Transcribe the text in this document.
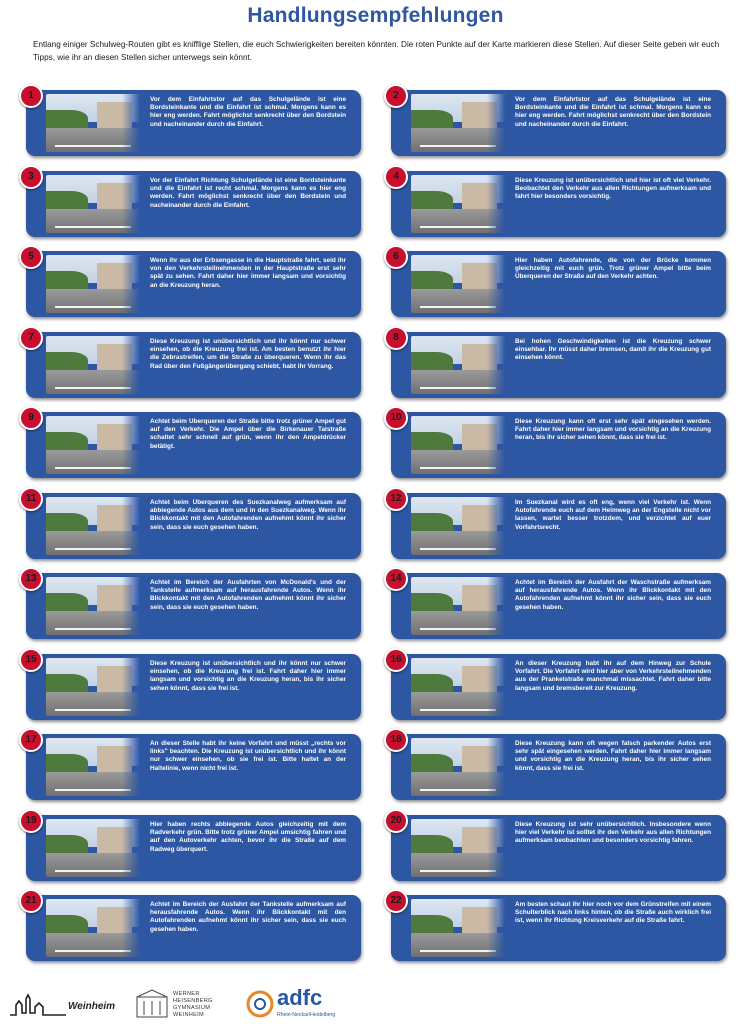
Handlungsempfehlungen
Entlang einiger Schulweg-Routen gibt es knifflige Stellen, die euch Schwierigkeiten bereiten könnten. Die roten Punkte auf der Karte markieren diese Stellen. Auf dieser Seite geben wir euch Tipps, wie ihr an diesen Stellen sicher unterwegs sein könnt.
1	Vor dem Einfahrtstor auf das Schulgelände ist eine Bordsteinkante und die Einfahrt ist schmal. Morgens kann es hier eng werden. Fahrt möglichst senkrecht über den Bordstein und nacheinander durch die Einfahrt.
2	Vor dem Einfahrtstor auf das Schulgelände ist eine Bordsteinkante und die Einfahrt ist schmal. Morgens kann es hier eng werden. Fahrt möglichst senkrecht über den Bordstein und nacheinander durch die Einfahrt.
3	Vor der Einfahrt Richtung Schulgelände ist eine Bordsteinkante und die Einfahrt ist recht schmal. Morgens kann es hier eng werden. Fahrt möglichst senkrecht über den Bordstein und nacheinander durch die Einfahrt.
4	Diese Kreuzung ist unübersichtlich und hier ist oft viel Verkehr. Beobachtet den Verkehr aus allen Richtungen aufmerksam und fahrt hier besonders vorsichtig.
5	Wenn ihr aus der Erbsengasse in die Hauptstraße fahrt, seid ihr von den Verkehrsteilnehmenden in der Hauptstraße erst sehr spät zu sehen. Fahrt daher hier immer langsam und vorsichtig an die Kreuzung heran.
6	Hier haben Autofahrende, die von der Brücke kommen gleichzeitig mit euch grün. Trotz grüner Ampel bitte beim Überqueren der Straße auf den Verkehr achten.
7	Diese Kreuzung ist unübersichtlich und ihr könnt nur schwer einsehen, ob die Kreuzung frei ist. Am besten benutzt ihr hier die Zebrastreifen, um die Straße zu überqueren. Wenn ihr das Rad über den Fußgängerübergang schiebt, habt ihr Vorrang.
8	Bei hohen Geschwindigkeiten ist die Kreuzung schwer einsehbar. Ihr müsst daher bremsen, damit ihr die Kreuzung gut einsehen könnt.
9	Achtet beim Überqueren der Straße bitte trotz grüner Ampel gut auf den Verkehr. Die Ampel über die Birkenauer Talstraße schaltet sehr schnell auf grün, wenn ihr den Ampeldrücker betätigt.
10	Diese Kreuzung kann oft erst sehr spät eingesehen werden. Fahrt daher hier immer langsam und vorsichtig an die Kreuzung heran, bis ihr sicher sehen könnt, dass sie frei ist.
11	Achtet beim Überqueren des Suezkanalweg aufmerksam auf abbiegende Autos aus dem und in den Suezkanalweg. Wenn ihr Blickkontakt mit den Autofahrenden aufnehmt könnt ihr sicher sein, dass sie euch gesehen haben.
12	Im Suezkanal wird es oft eng, wenn viel Verkehr ist. Wenn Autofahrende euch auf dem Heimweg an der Engstelle nicht vor lassen, wartet besser trotzdem, und verzichtet auf euer Vorfahrtsrecht.
13	Achtet im Bereich der Ausfahrten von McDonald's und der Tankstelle aufmerksam auf herausfahrende Autos. Wenn ihr Blickkontakt mit den Autofahrenden aufnehmt könnt ihr sicher sein, dass sie euch gesehen haben.
14	Achtet im Bereich der Ausfahrt der Waschstraße aufmerksam auf herausfahrende Autos. Wenn ihr Blickkontakt mit den Autofahrenden aufnehmt könnt ihr sicher sein, dass sie euch gesehen haben.
15	Diese Kreuzung ist unübersichtlich und ihr könnt nur schwer einsehen, ob die Kreuzung frei ist. Fahrt daher hier immer langsam und vorsichtig an die Kreuzung heran, bis ihr sicher sehen könnt, dass sie frei ist.
16	An dieser Kreuzung habt ihr auf dem Hinweg zur Schule Vorfahrt. Die Vorfahrt wird hier aber von Verkehrsteilnehmenden aus der Prankelstraße manchmal missachtet. Fahrt daher bitte langsam und bremsbereit zur Kreuzung.
17	An dieser Stelle habt ihr keine Vorfahrt und müsst „rechts vor links" beachten. Die Kreuzung ist unübersichtlich und ihr könnt nur schwer einsehen, ob sie frei ist. Bitte haltet an der Haltelinie, wenn nicht frei ist.
18	Diese Kreuzung kann oft wegen falsch parkender Autos erst sehr spät eingesehen werden. Fahrt daher hier immer langsam und vorsichtig an die Kreuzung heran, bis ihr sicher sehen könnt, dass sie frei ist.
19	Hier haben rechts abbiegende Autos gleichzeitig mit dem Radverkehr grün. Bitte trotz grüner Ampel umsichtig fahren und auf den Autoverkehr achten, bevor ihr die Straße auf dem Radweg überquert.
20	Diese Kreuzung ist sehr unübersichtlich. Insbesondere wenn hier viel Verkehr ist solltet ihr den Verkehr aus allen Richtungen aufmerksam beobachten und besonders vorsichtig fahren.
21	Achtet im Bereich der Ausfahrt der Tankstelle aufmerksam auf herausfahrende Autos. Wenn ihr Blickkontakt mit den Autofahrenden aufnehmt könnt ihr sicher sein, dass sie euch gesehen haben.
22	Am besten schaut ihr hier noch vor dem Grünstreifen mit einem Schulterblick nach links hinten, ob die Straße auch wirklich frei ist, wenn ihr Richtung Kreisverkehr auf die Straße fahrt.
Weinheim
WERNER
HEISENBERG
GYMNASIUM
WEINHEIM
adfc
Rhein-Neckar/Heidelberg
